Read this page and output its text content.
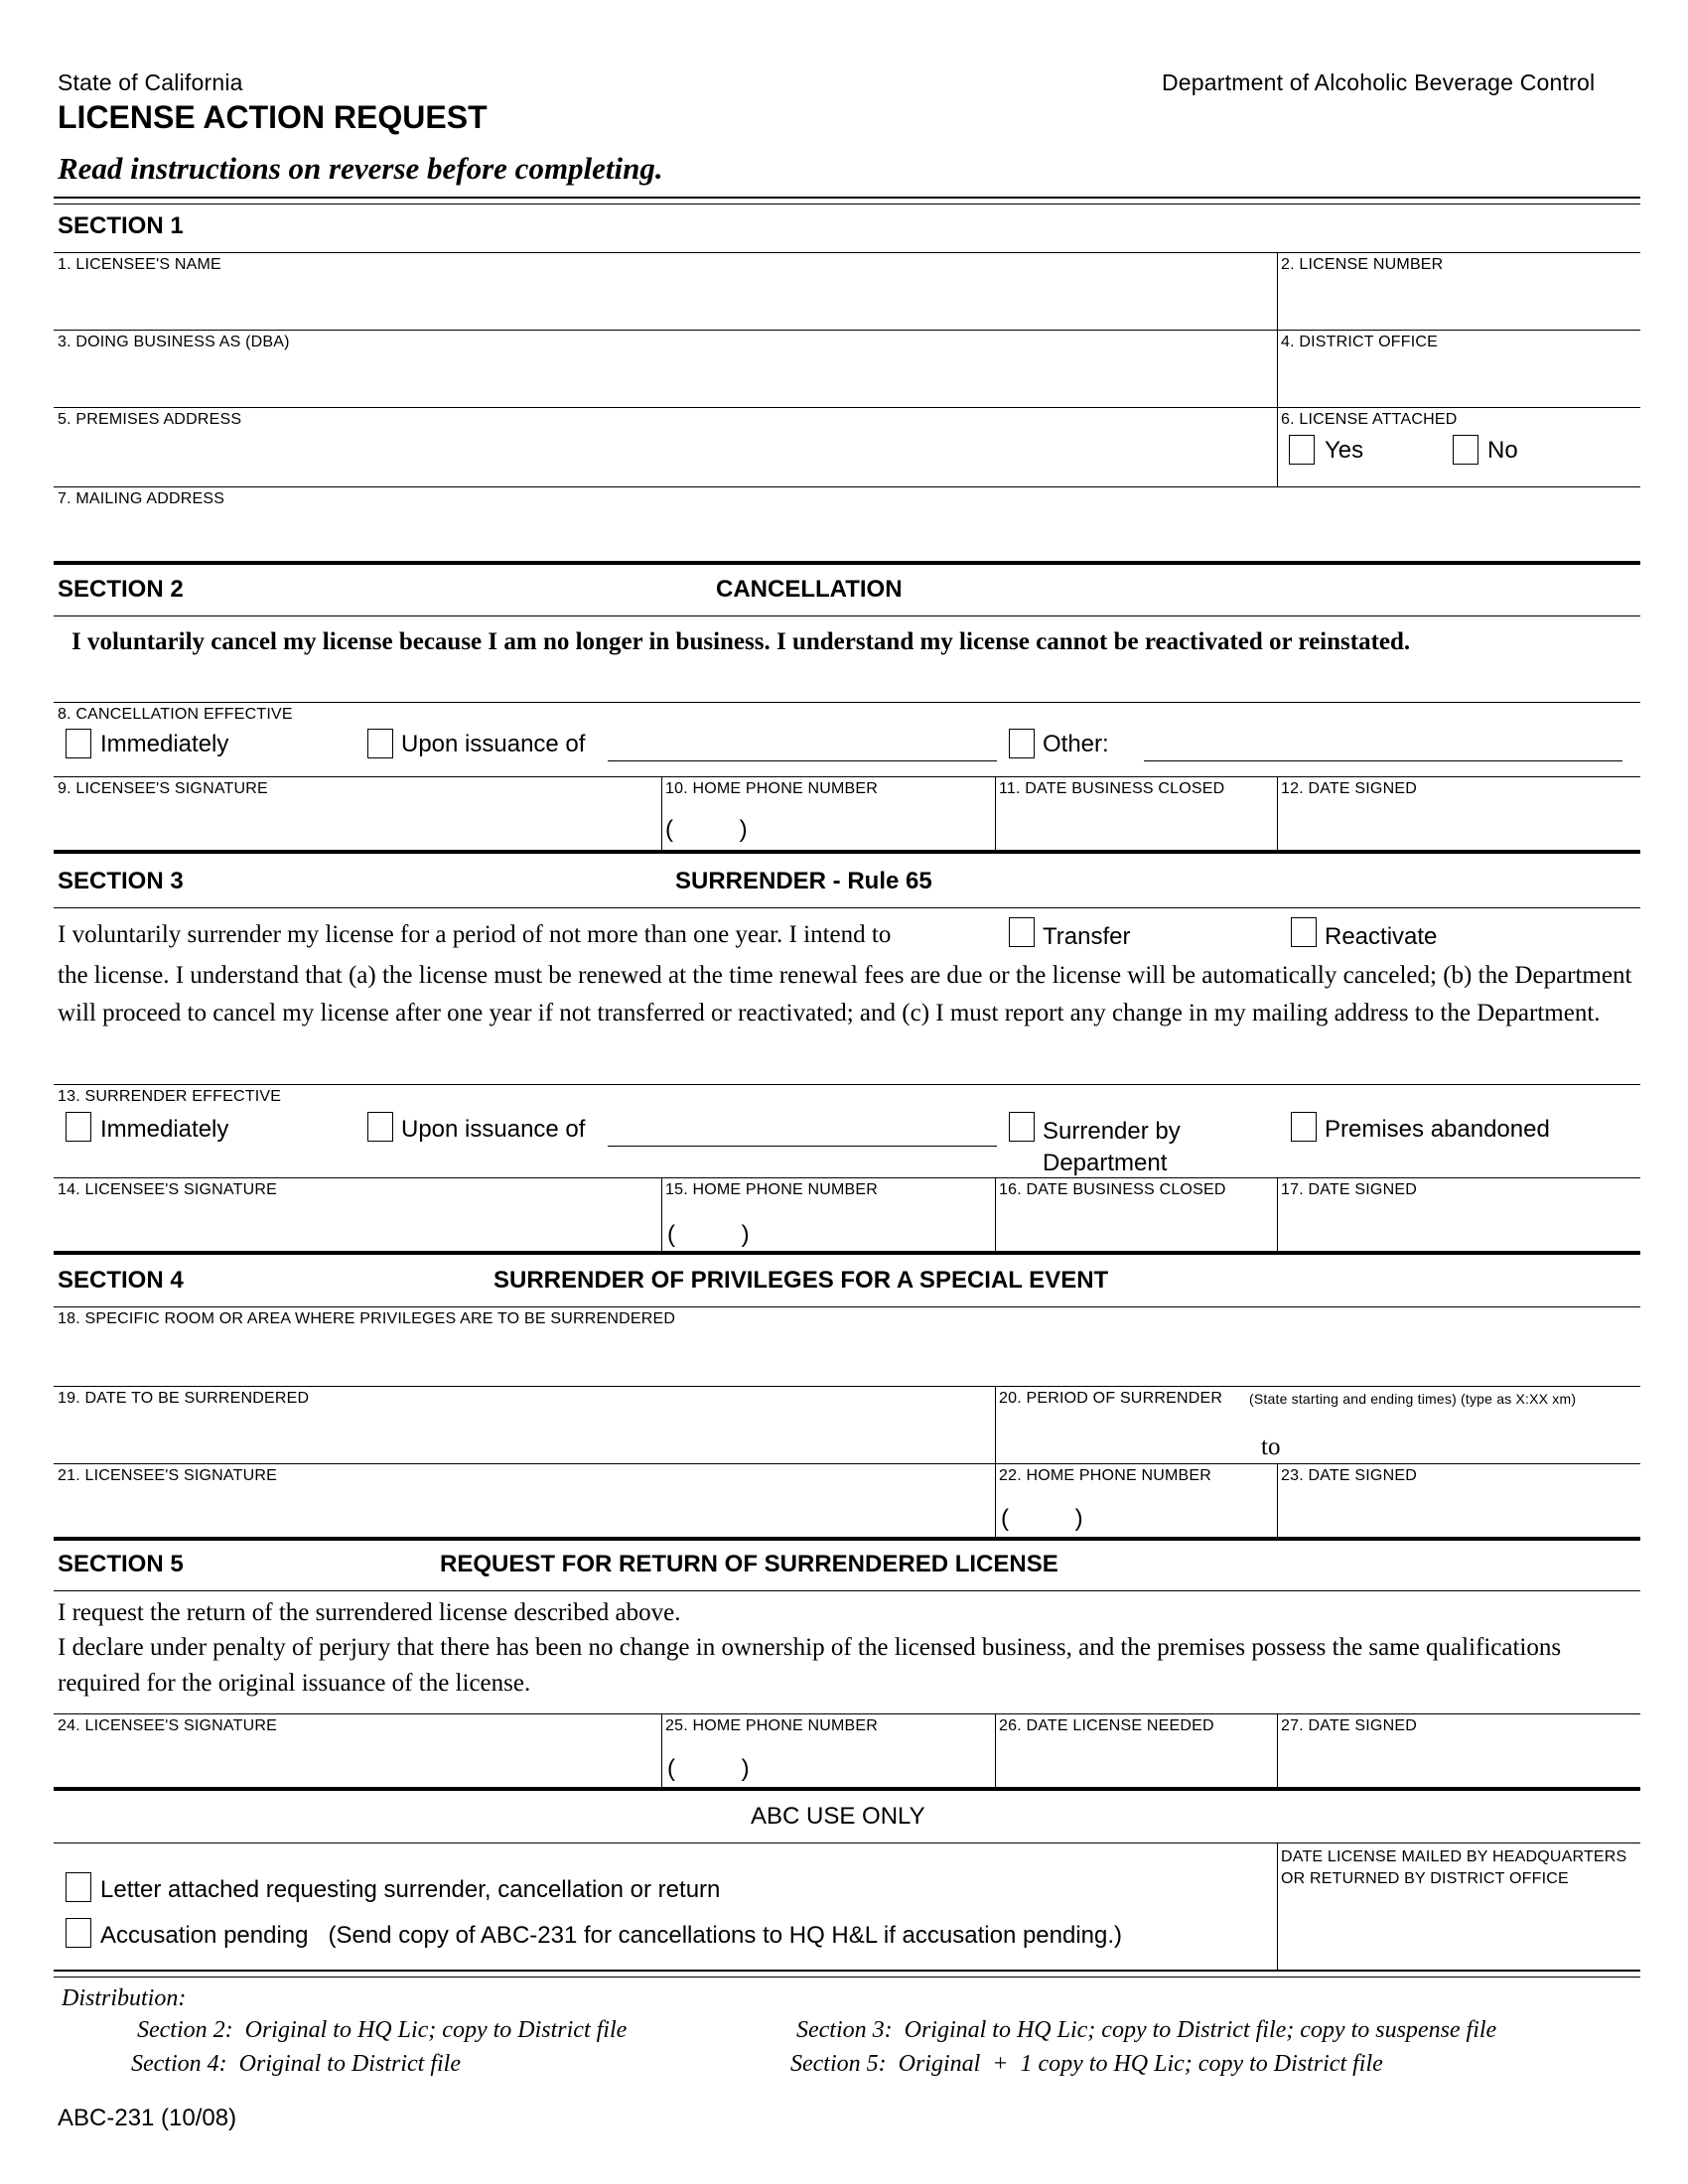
State of California	Department of Alcoholic Beverage Control
LICENSE ACTION REQUEST
Read instructions on reverse before completing.
SECTION 1
1. LICENSEE'S NAME	2. LICENSE NUMBER
3. DOING BUSINESS AS (DBA)	4. DISTRICT OFFICE
5. PREMISES ADDRESS	6. LICENSE ATTACHED
Yes	No
7. MAILING ADDRESS
SECTION 2	CANCELLATION
I voluntarily cancel my license because I am no longer in business. I understand my license cannot be reactivated or reinstated.
8. CANCELLATION EFFECTIVE
Immediately	Upon issuance of	Other:
9. LICENSEE'S SIGNATURE	10. HOME PHONE NUMBER
(          )
11. DATE BUSINESS CLOSED	12. DATE SIGNED
SECTION 3	SURRENDER - Rule 65
I voluntarily surrender my license for a period of not more than one year. I intend to	Transfer	Reactivate
the license. I understand that (a) the license must be renewed at the time renewal fees are due or the license will be automatically canceled; (b) the Department will proceed to cancel my license after one year if not transferred or reactivated; and (c) I must report any change in my mailing address to the Department.
13. SURRENDER EFFECTIVE
Immediately	Upon issuance of	Surrender by Department
Premises abandoned
14. LICENSEE'S SIGNATURE	15. HOME PHONE NUMBER
(          )
16. DATE BUSINESS CLOSED	17. DATE SIGNED
SECTION 4	SURRENDER OF PRIVILEGES FOR A SPECIAL EVENT
18. SPECIFIC ROOM OR AREA WHERE PRIVILEGES ARE TO BE SURRENDERED
19. DATE TO BE SURRENDERED	20. PERIOD OF SURRENDER (State starting and ending times) (type as X:XX xm)
to
21. LICENSEE'S SIGNATURE	22. HOME PHONE NUMBER
(          )
23. DATE SIGNED
SECTION 5	REQUEST FOR RETURN OF SURRENDERED LICENSE
I request the return of the surrendered license described above.
I declare under penalty of perjury that there has been no change in ownership of the licensed business, and the premises possess the same qualifications required for the original issuance of the license.
24. LICENSEE'S SIGNATURE	25. HOME PHONE NUMBER
(          )
26. DATE LICENSE NEEDED	27. DATE SIGNED
ABC USE ONLY
Letter attached requesting surrender, cancellation or return
Accusation pending   (Send copy of ABC-231 for cancellations to HQ H&L if accusation pending.)
DATE LICENSE MAILED BY HEADQUARTERS OR RETURNED BY DISTRICT OFFICE
Distribution:
Section 2:  Original to HQ Lic; copy to District file	Section 3:  Original to HQ Lic; copy to District file; copy to suspense file
Section 4:  Original to District file	Section 5:  Original  +  1 copy to HQ Lic; copy to District file
ABC-231 (10/08)
